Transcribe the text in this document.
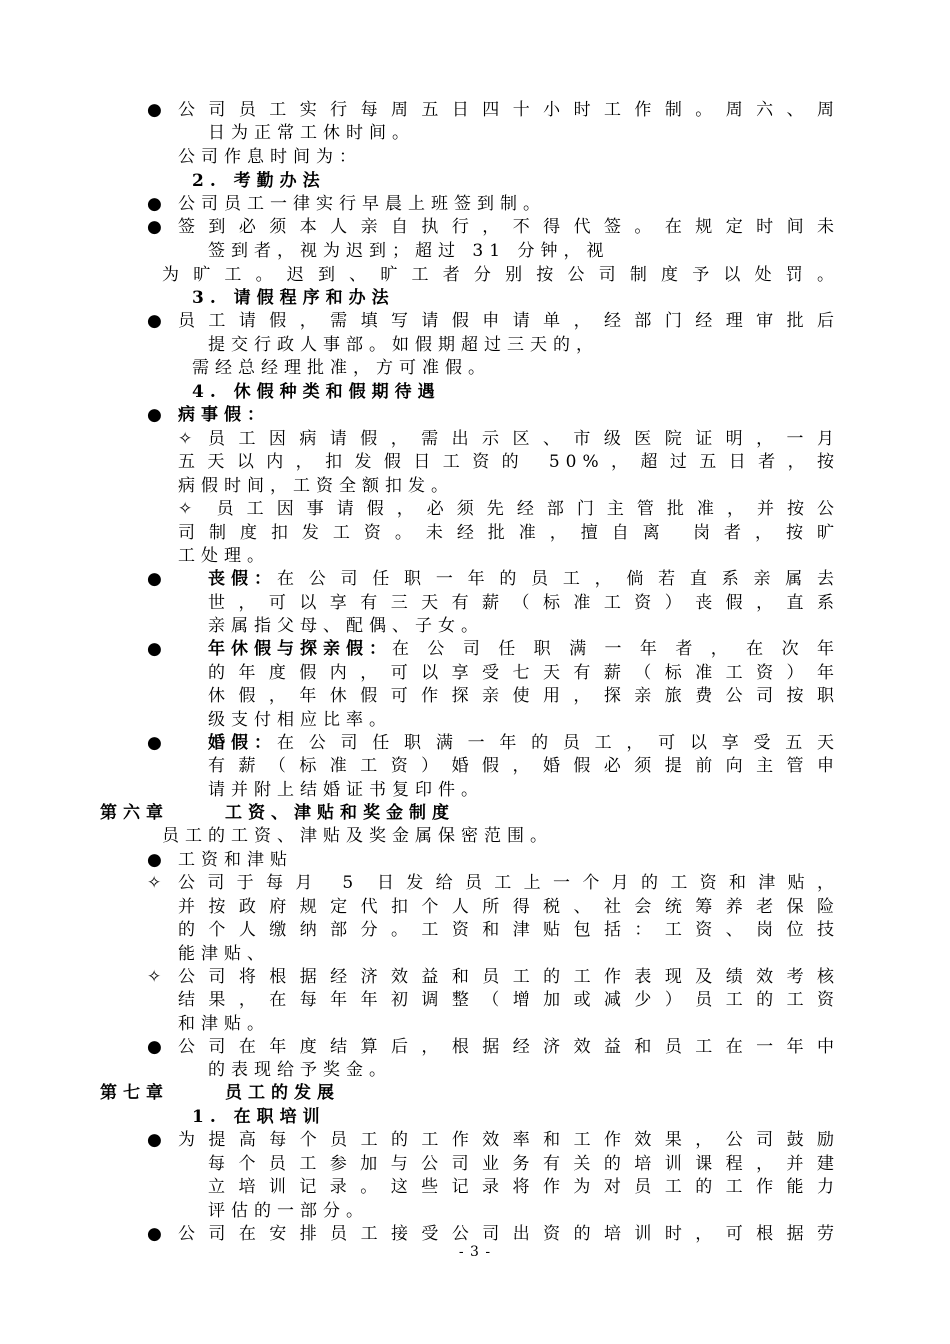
● 公司员工实行每周五日四十小时工作制。周六、周
日为正常工休时间。
公司作息时间为：
2. 考勤办法
● 公司员工一律实行早晨上班签到制。
● 签到必须本人亲自执行，不得代签。在规定时间未
签到者，视为迟到；超过 31 分钟，视
为旷工。迟到、旷工者分别按公司制度予以处罚。
3. 请假程序和办法
● 员工请假，需填写请假申请单，经部门经理审批后
提交行政人事部。如假期超过三天的，
需经总经理批准，方可准假。
4. 休假种类和假期待遇
● 病事假：
✧ 员工因病请假，需出示区、市级医院证明，一月
五天以内，扣发假日工资的 50%，超过五日者，按
病假时间，工资全额扣发。
✧ 员工因事请假，必须先经部门主管批准，并按公
司制度扣发工资。未经批准，擅自离 岗者，按旷
工处理。
●	丧假： 在公司任职一年的员工，倘若直系亲属去
世，可以享有三天有薪（标准工资）丧假，直系
亲属指父母、配偶、子女。
●	年休假与探亲假： 在公司任职满一年者，在次年
的年度假内，可以享受七天有薪（标准工资）年
休假，年休假可作探亲使用，探亲旅费公司按职
级支付相应比率。
●	婚假： 在公司任职满一年的员工，可以享受五天
有薪（标准工资）婚假，婚假必须提前向主管申
请并附上结婚证书复印件。
第六章	工资、津贴和奖金制度
员工的工资、津贴及奖金属保密范围。
● 工资和津贴
✧ 公司于每月 5 日发给员工上一个月的工资和津贴，
并按政府规定代扣个人所得税、社会统筹养老保险
的个人缴纳部分。工资和津贴包括：工资、岗位技
能津贴、
✧ 公司将根据经济效益和员工的工作表现及绩效考核
结果，在每年年初调整（增加或减少）员工的工资
和津贴。
● 公司在年度结算后，根据经济效益和员工在一年中
的表现给予奖金。
第七章	员工的发展
1. 在职培训
● 为提高每个员工的工作效率和工作效果，公司鼓励
每个员工参加与公司业务有关的培训课程，并建
立培训记录。这些记录将作为对员工的工作能力
评估的一部分。
● 公司在安排员工接受公司出资的培训时，可根据劳
- 3 -
